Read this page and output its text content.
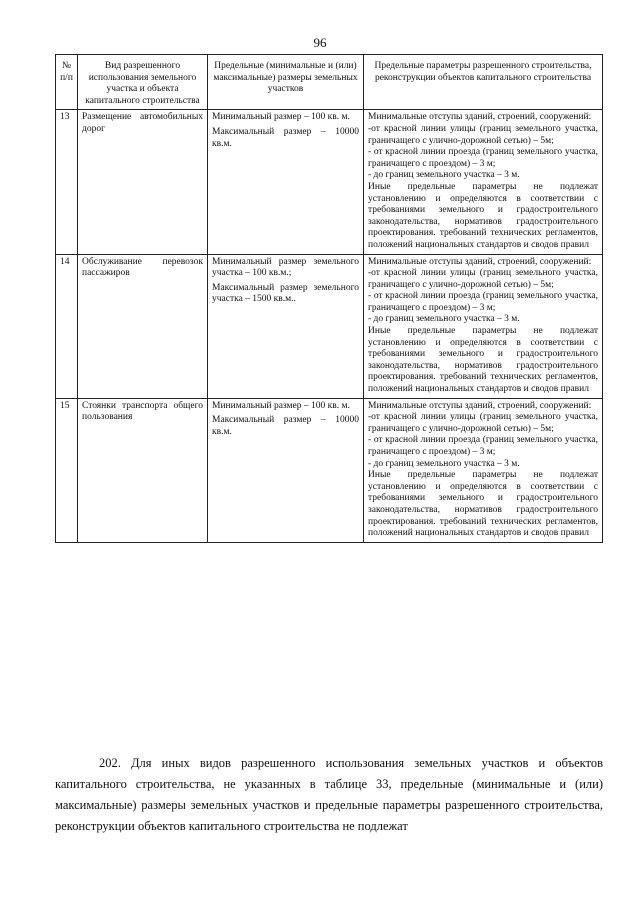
96
№ п/п	Вид разрешенного использования земельного участка и объекта капитального строительства	Предельные (минимальные и (или) максимальные) размеры земельных участков	Предельные параметры разрешенного строительства, реконструкции объектов капитального строительства
13	Размещение автомобильных дорог	Минимальный размер – 100 кв. м.
Максимальный размер – 10000 кв.м.	Минимальные отступы зданий, строений, сооружений:
-от красной линии улицы (границ земельного участка, граничащего с улично-дорожной сетью) – 5м;
- от красной линии проезда (границ земельного участка, граничащего с проездом) – 3 м;
- до границ земельного участка – 3 м.
Иные предельные параметры не подлежат установлению и определяются в соответствии с требованиями земельного и градостроительного законодательства, нормативов градостроительного проектирования. требований технических регламентов, положений национальных стандартов и сводов правил

14	Обслуживание перевозок пассажиров	Минимальный размер земельного участка – 100 кв.м.;
Максимальный размер земельного участка – 1500 кв.м..	Минимальные отступы зданий, строений, сооружений:
-от красной линии улицы (границ земельного участка, граничащего с улично-дорожной сетью) – 5м;
- от красной линии проезда (границ земельного участка, граничащего с проездом) – 3 м;
- до границ земельного участка – 3 м.
Иные предельные параметры не подлежат установлению и определяются в соответствии с требованиями земельного и градостроительного законодательства, нормативов градостроительного проектирования. требований технических регламентов, положений национальных стандартов и сводов правил

15	Стоянки транспорта общего пользования	Минимальный размер – 100 кв. м.
Максимальный размер – 10000 кв.м.	Минимальные отступы зданий, строений, сооружений:
-от красной линии улицы (границ земельного участка, граничащего с улично-дорожной сетью) – 5м;
- от красной линии проезда (границ земельного участка, граничащего с проездом) – 3 м;
- до границ земельного участка – 3 м.
Иные предельные параметры не подлежат установлению и определяются в соответствии с требованиями земельного и градостроительного законодательства, нормативов градостроительного проектирования. требований технических регламентов, положений национальных стандартов и сводов правил

202. Для иных видов разрешенного использования земельных участков и объектов капитального строительства, не указанных в таблице 33, предельные (минимальные и (или) максимальные) размеры земельных участков и предельные параметры разрешенного строительства, реконструкции объектов капитального строительства не подлежат
